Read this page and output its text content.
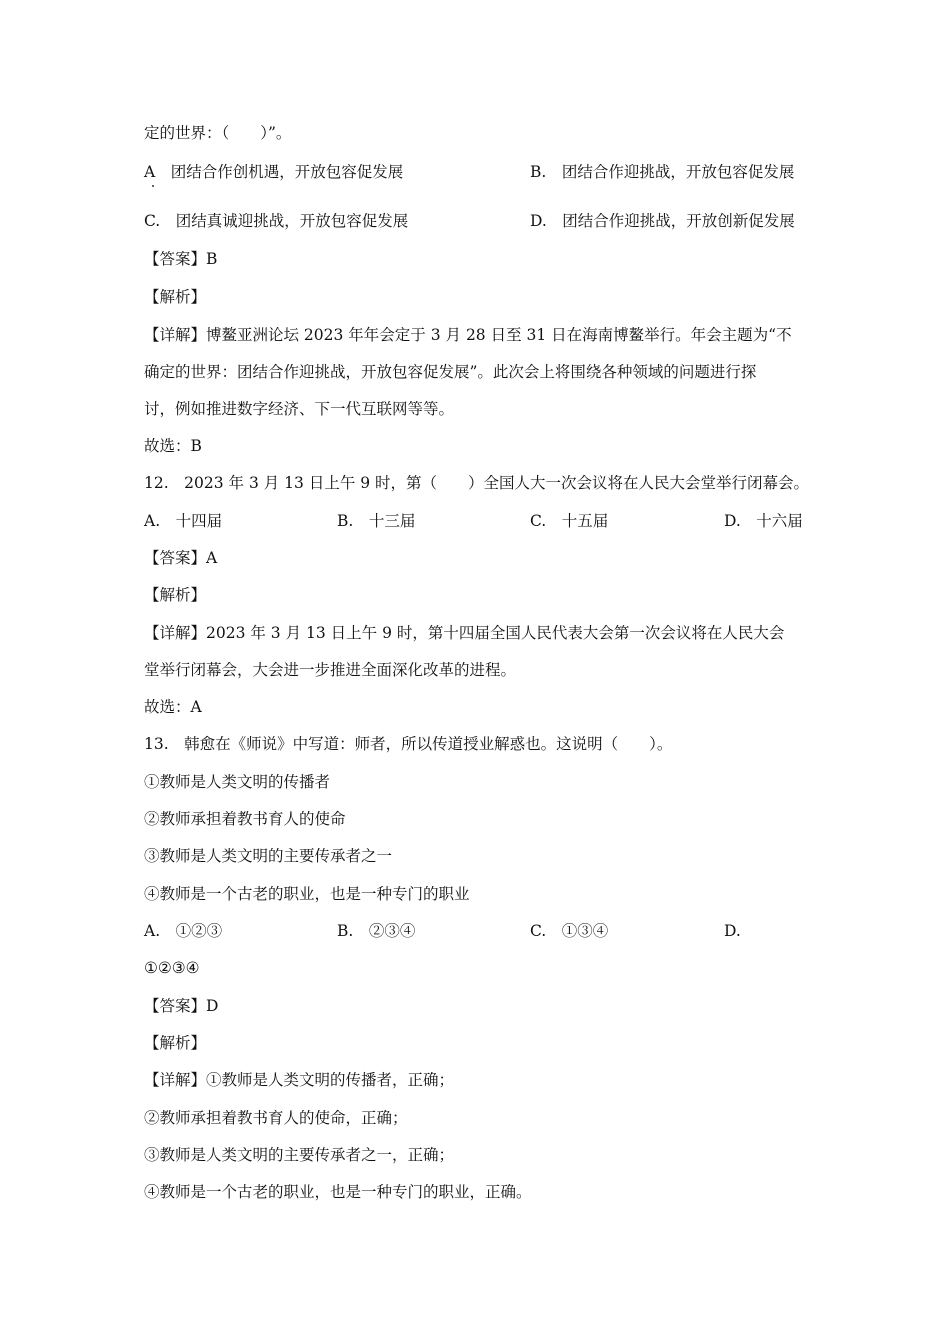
定的世界：（　　）”。
A　团结合作创机遇，开放包容促发展	B.　团结合作迎挑战，开放包容促发展
C.　团结真诚迎挑战，开放包容促发展	D.　团结合作迎挑战，开放创新促发展
【答案】B
【解析】
【详解】博鳌亚洲论坛 2023 年年会定于 3 月 28 日至 31 日在海南博鳌举行。年会主题为“不
确定的世界：团结合作迎挑战，开放包容促发展”。此次会上将围绕各种领域的问题进行探
讨，例如推进数字经济、下一代互联网等等。
故选：B
12.　2023 年 3 月 13 日上午 9 时，第（　　）全国人大一次会议将在人民大会堂举行闭幕会。
A.　十四届	B.　十三届	C.　十五届	D.　十六届
【答案】A
【解析】
【详解】2023 年 3 月 13 日上午 9 时，第十四届全国人民代表大会第一次会议将在人民大会
堂举行闭幕会，大会进一步推进全面深化改革的进程。
故选：A
13.　韩愈在《师说》中写道：师者，所以传道授业解惑也。这说明（　　）。
①教师是人类文明的传播者
②教师承担着教书育人的使命
③教师是人类文明的主要传承者之一
④教师是一个古老的职业，也是一种专门的职业
A.　①②③	B.　②③④	C.　①③④	D.
①②③④
【答案】D
【解析】
【详解】①教师是人类文明的传播者，正确；
②教师承担着教书育人的使命，正确；
③教师是人类文明的主要传承者之一，正确；
④教师是一个古老的职业，也是一种专门的职业，正确。
